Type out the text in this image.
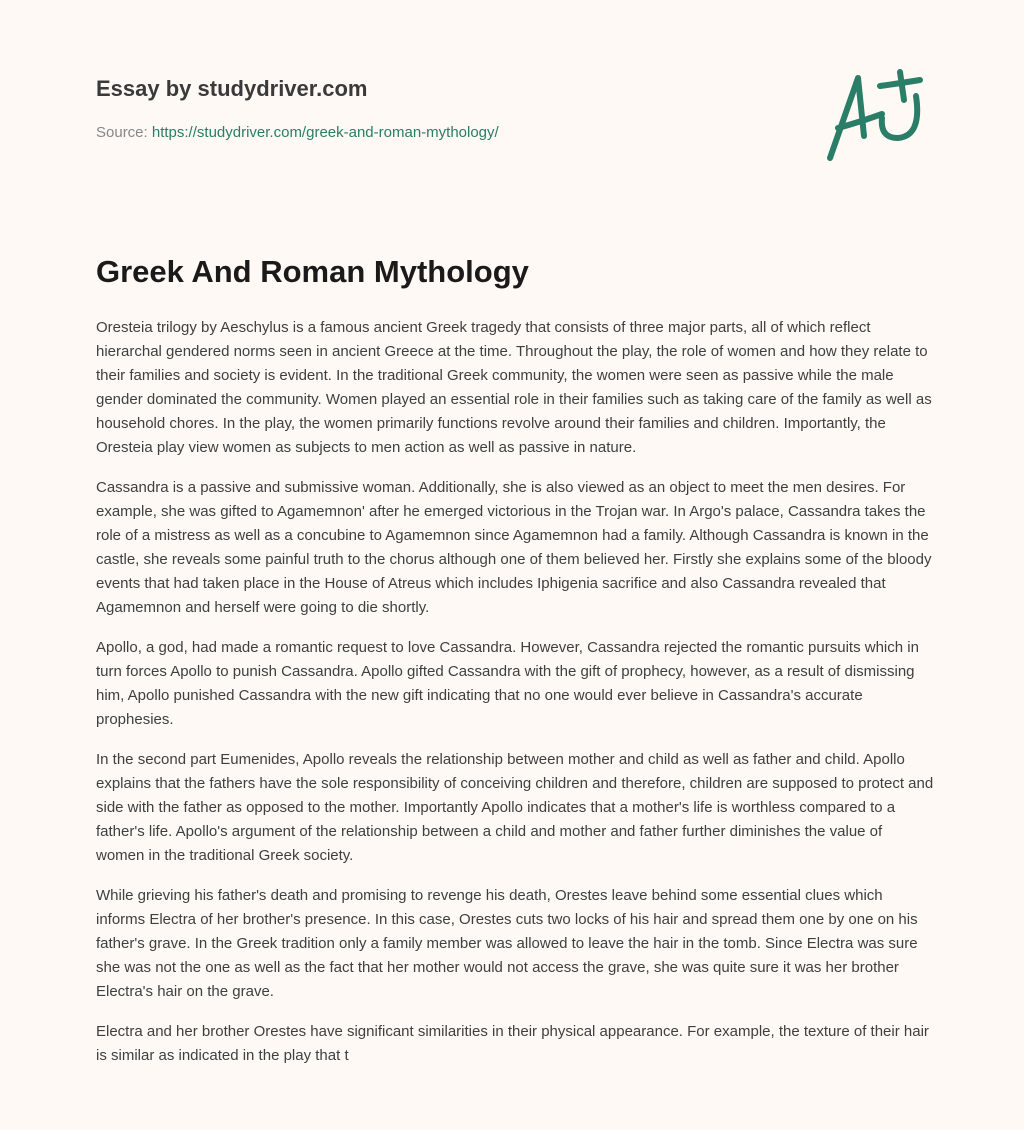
Essay by studydriver.com
Source: https://studydriver.com/greek-and-roman-mythology/
Greek And Roman Mythology

Oresteia trilogy by Aeschylus is a famous ancient Greek tragedy that consists of three major parts, all of which reflect hierarchal gendered norms seen in ancient Greece at the time. Throughout the play, the role of women and how they relate to their families and society is evident. In the traditional Greek community, the women were seen as passive while the male gender dominated the community. Women played an essential role in their families such as taking care of the family as well as household chores. In the play, the women primarily functions revolve around their families and children. Importantly, the Oresteia play view women as subjects to men action as well as passive in nature.

Cassandra is a passive and submissive woman. Additionally, she is also viewed as an object to meet the men desires. For example, she was gifted to Agamemnon' after he emerged victorious in the Trojan war. In Argo's palace, Cassandra takes the role of a mistress as well as a concubine to Agamemnon since Agamemnon had a family. Although Cassandra is known in the castle, she reveals some painful truth to the chorus although one of them believed her. Firstly she explains some of the bloody events that had taken place in the House of Atreus which includes Iphigenia sacrifice and also Cassandra revealed that Agamemnon and herself were going to die shortly.

Apollo, a god, had made a romantic request to love Cassandra. However, Cassandra rejected the romantic pursuits which in turn forces Apollo to punish Cassandra. Apollo gifted Cassandra with the gift of prophecy, however, as a result of dismissing him, Apollo punished Cassandra with the new gift indicating that no one would ever believe in Cassandra's accurate prophesies.

In the second part Eumenides, Apollo reveals the relationship between mother and child as well as father and child. Apollo explains that the fathers have the sole responsibility of conceiving children and therefore, children are supposed to protect and side with the father as opposed to the mother. Importantly Apollo indicates that a mother's life is worthless compared to a father's life. Apollo's argument of the relationship between a child and mother and father further diminishes the value of women in the traditional Greek society.

While grieving his father's death and promising to revenge his death, Orestes leave behind some essential clues which informs Electra of her brother's presence. In this case, Orestes cuts two locks of his hair and spread them one by one on his father's grave. In the Greek tradition only a family member was allowed to leave the hair in the tomb. Since Electra was sure she was not the one as well as the fact that her mother would not access the grave, she was quite sure it was her brother Electra's hair on the grave.

Electra and her brother Orestes have significant similarities in their physical appearance. For example, the texture of their hair is similar as indicated in the play that t
